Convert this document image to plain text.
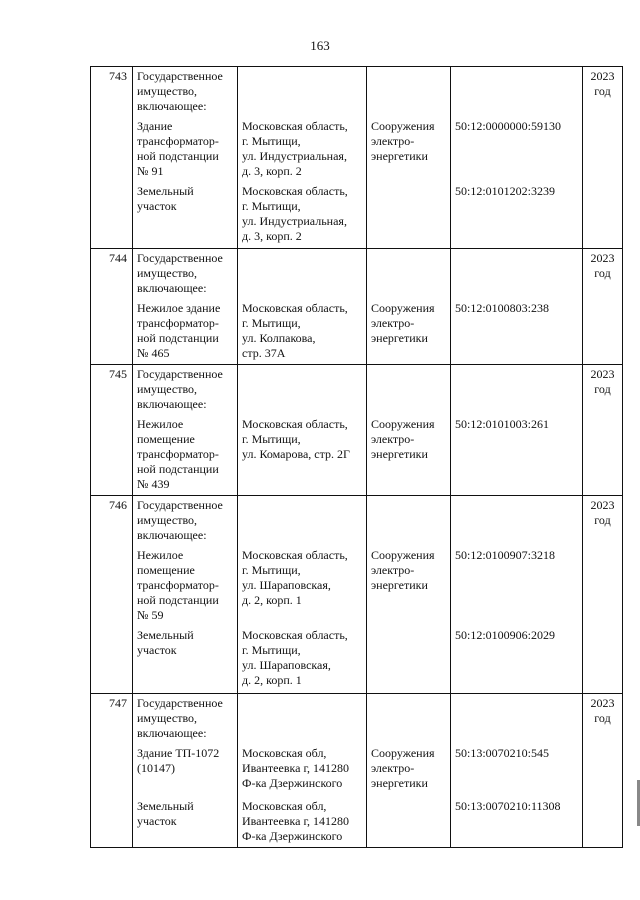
163
743	Государственное
имущество,
включающее:				2023
год
	Здание
трансформатор-
ной подстанции
№ 91	Московская область,
г. Мытищи,
ул. Индустриальная,
д. 3, корп. 2	Сооружения
электро-
энергетики	50:12:0000000:59130	
	Земельный
участок	Московская область,
г. Мытищи,
ул. Индустриальная,
д. 3, корп. 2		50:12:0101202:3239	
744	Государственное
имущество,
включающее:				2023
год
	Нежилое здание
трансформатор-
ной подстанции
№ 465	Московская область,
г. Мытищи,
ул. Колпакова,
стр. 37А	Сооружения
электро-
энергетики	50:12:0100803:238	
745	Государственное
имущество,
включающее:				2023
год
	Нежилое
помещение
трансформатор-
ной подстанции
№ 439	Московская область,
г. Мытищи,
ул. Комарова, стр. 2Г	Сооружения
электро-
энергетики	50:12:0101003:261	
746	Государственное
имущество,
включающее:				2023
год
	Нежилое
помещение
трансформатор-
ной подстанции
№ 59	Московская область,
г. Мытищи,
ул. Шараповская,
д. 2, корп. 1	Сооружения
электро-
энергетики	50:12:0100907:3218	
	Земельный
участок	Московская область,
г. Мытищи,
ул. Шараповская,
д. 2, корп. 1		50:12:0100906:2029	
747	Государственное
имущество,
включающее:				2023
год
	Здание ТП-1072
(10147)	Московская обл,
Ивантеевка г, 141280
Ф-ка Дзержинского	Сооружения
электро-
энергетики	50:13:0070210:545	
	Земельный
участок	Московская обл,
Ивантеевка г, 141280
Ф-ка Дзержинского		50:13:0070210:11308	
